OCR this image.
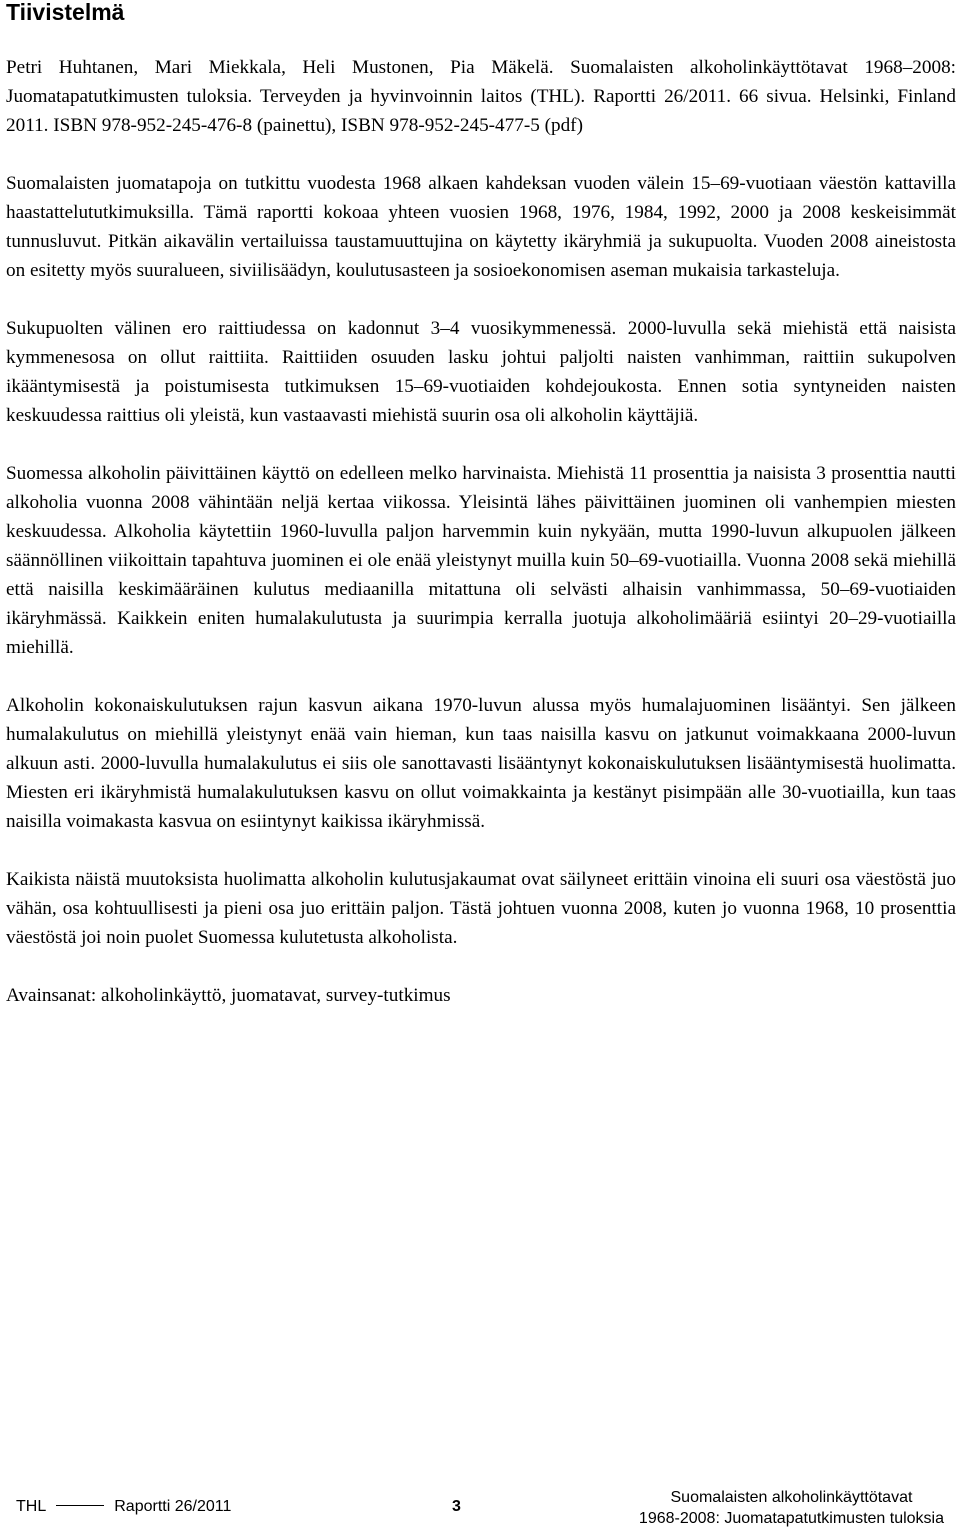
Tiivistelmä

Petri Huhtanen, Mari Miekkala, Heli Mustonen, Pia Mäkelä. Suomalaisten alkoholinkäyttötavat 1968–2008: Juomatapatutkimusten tuloksia. Terveyden ja hyvinvoinnin laitos (THL). Raportti 26/2011. 66 sivua. Helsinki, Finland 2011. ISBN 978-952-245-476-8 (painettu), ISBN 978-952-245-477-5 (pdf)

Suomalaisten juomatapoja on tutkittu vuodesta 1968 alkaen kahdeksan vuoden välein 15–69-vuotiaan väestön kattavilla haastattelututkimuksilla. Tämä raportti kokoaa yhteen vuosien 1968, 1976, 1984, 1992, 2000 ja 2008 keskeisimmät tunnusluvut. Pitkän aikavälin vertailuissa taustamuuttujina on käytetty ikäryhmiä ja sukupuolta. Vuoden 2008 aineistosta on esitetty myös suuralueen, siviilisäädyn, koulutusasteen ja sosioekonomisen aseman mukaisia tarkasteluja.

Sukupuolten välinen ero raittiudessa on kadonnut 3–4 vuosikymmenessä. 2000-luvulla sekä miehistä että naisista kymmenesosa on ollut raittiita. Raittiiden osuuden lasku johtui paljolti naisten vanhimman, raittiin sukupolven ikääntymisestä ja poistumisesta tutkimuksen 15–69-vuotiaiden kohdejoukosta. Ennen sotia syntyneiden naisten keskuudessa raittius oli yleistä, kun vastaavasti miehistä suurin osa oli alkoholin käyttäjiä.

Suomessa alkoholin päivittäinen käyttö on edelleen melko harvinaista. Miehistä 11 prosenttia ja naisista 3 prosenttia nautti alkoholia vuonna 2008 vähintään neljä kertaa viikossa. Yleisintä lähes päivittäinen juominen oli vanhempien miesten keskuudessa. Alkoholia käytettiin 1960-luvulla paljon harvemmin kuin nykyään, mutta 1990-luvun alkupuolen jälkeen säännöllinen viikoittain tapahtuva juominen ei ole enää yleistynyt muilla kuin 50–69-vuotiailla. Vuonna 2008 sekä miehillä että naisilla keskimääräinen kulutus mediaanilla mitattuna oli selvästi alhaisin vanhimmassa, 50–69-vuotiaiden ikäryhmässä. Kaikkein eniten humalakulutusta ja suurimpia kerralla juotuja alkoholimääriä esiintyi 20–29-vuotiailla miehillä.

Alkoholin kokonaiskulutuksen rajun kasvun aikana 1970-luvun alussa myös humalajuominen lisääntyi. Sen jälkeen humalakulutus on miehillä yleistynyt enää vain hieman, kun taas naisilla kasvu on jatkunut voimakkaana 2000-luvun alkuun asti. 2000-luvulla humalakulutus ei siis ole sanottavasti lisääntynyt kokonaiskulutuksen lisääntymisestä huolimatta. Miesten eri ikäryhmistä humalakulutuksen kasvu on ollut voimakkainta ja kestänyt pisimpään alle 30-vuotiailla, kun taas naisilla voimakasta kasvua on esiintynyt kaikissa ikäryhmissä.

Kaikista näistä muutoksista huolimatta alkoholin kulutusjakaumat ovat säilyneet erittäin vinoina eli suuri osa väestöstä juo vähän, osa kohtuullisesti ja pieni osa juo erittäin paljon. Tästä johtuen vuonna 2008, kuten jo vuonna 1968, 10 prosenttia väestöstä joi noin puolet Suomessa kulutetusta alkoholista.

Avainsanat: alkoholinkäyttö, juomatavat, survey-tutkimus

THL	Raportti 26/2011	3
Suomalaisten alkoholinkäyttötavat
1968-2008: Juomatapatutkimusten tuloksia
